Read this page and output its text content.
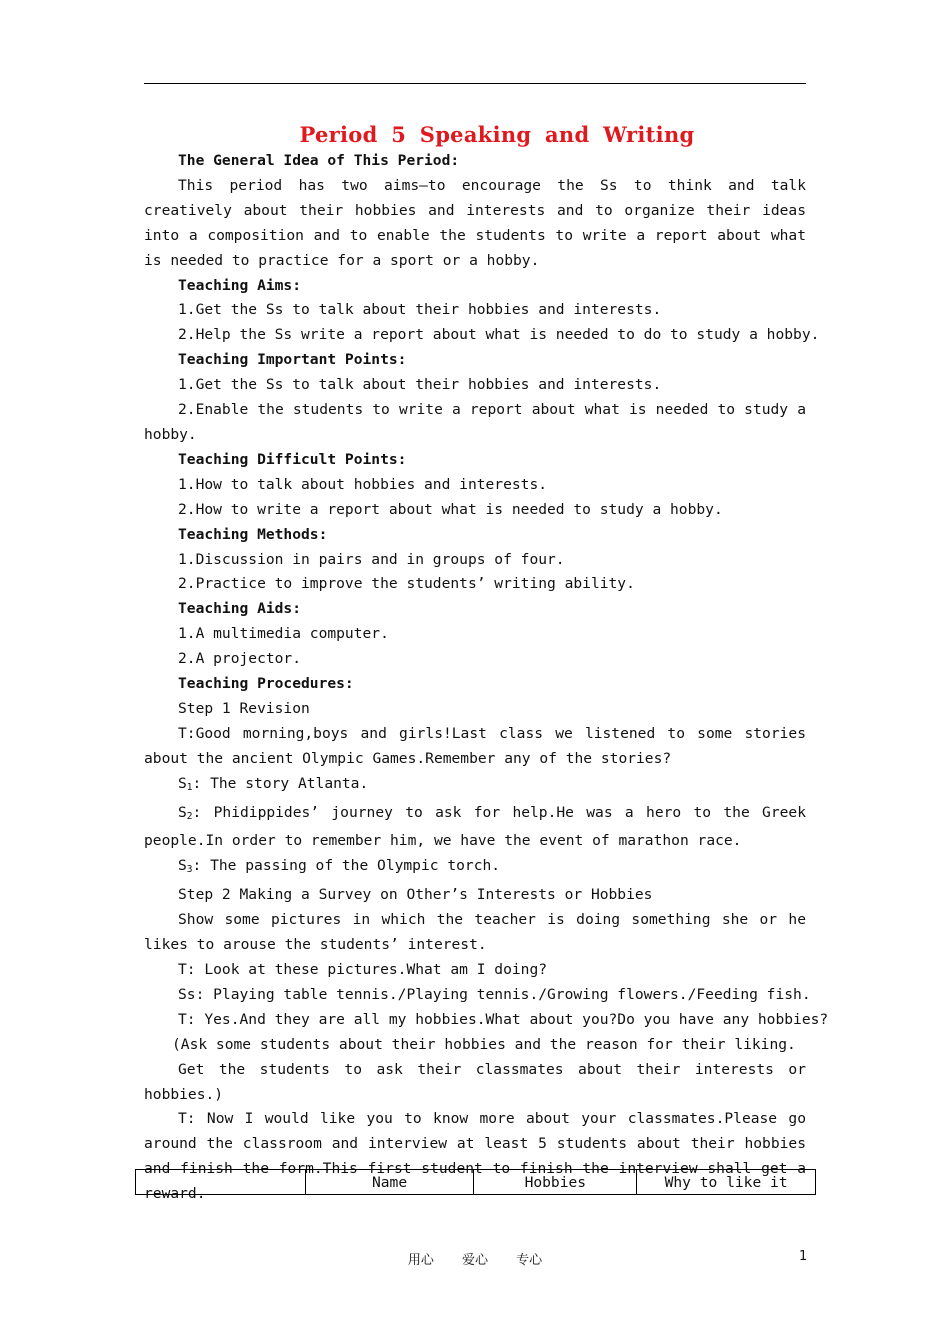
Period 5 Speaking and Writing

The General Idea of This Period:

This period has two aims—to encourage the Ss to think and talk creatively about their hobbies and interests and to organize their ideas into a composition and to enable the students to write a report about what is needed to practice for a sport or a hobby.

Teaching Aims:

1.Get the Ss to talk about their hobbies and interests.

2.Help the Ss write a report about what is needed to do to study a hobby.

Teaching Important Points:

1.Get the Ss to talk about their hobbies and interests.

2.Enable the students to write a report about what is needed to study a hobby.

Teaching Difficult Points:

1.How to talk about hobbies and interests.

2.How to write a report about what is needed to study a hobby.

Teaching Methods:

1.Discussion in pairs and in groups of four.

2.Practice to improve the students’ writing ability.

Teaching Aids:

1.A multimedia computer.

2.A projector.

Teaching Procedures:

Step 1 Revision

T:Good morning,boys and girls!Last class we listened to some stories about the ancient Olympic Games.Remember any of the stories?

$S_1$: The story Atlanta.

$S_2$: Phidippides’ journey to ask for help.He was a hero to the Greek people.In order to remember him, we have the event of marathon race.

$S_3$: The passing of the Olympic torch.

Step 2 Making a Survey on Other’s Interests or Hobbies

Show some pictures in which the teacher is doing something she or he likes to arouse the students’ interest.

T: Look at these pictures.What am I doing?

Ss: Playing table tennis./Playing tennis./Growing flowers./Feeding fish.

T: Yes.And they are all my hobbies.What about you?Do you have any hobbies?

(Ask some students about their hobbies and the reason for their liking.

Get the students to ask their classmates about their interests or hobbies.)

T: Now I would like you to know more about your classmates.Please go around the classroom and interview at least 5 students about their hobbies and finish the form.This first student to finish the interview shall get a reward.

	Name	Hobbies	Why to like it
用心 爱心 专心	1
